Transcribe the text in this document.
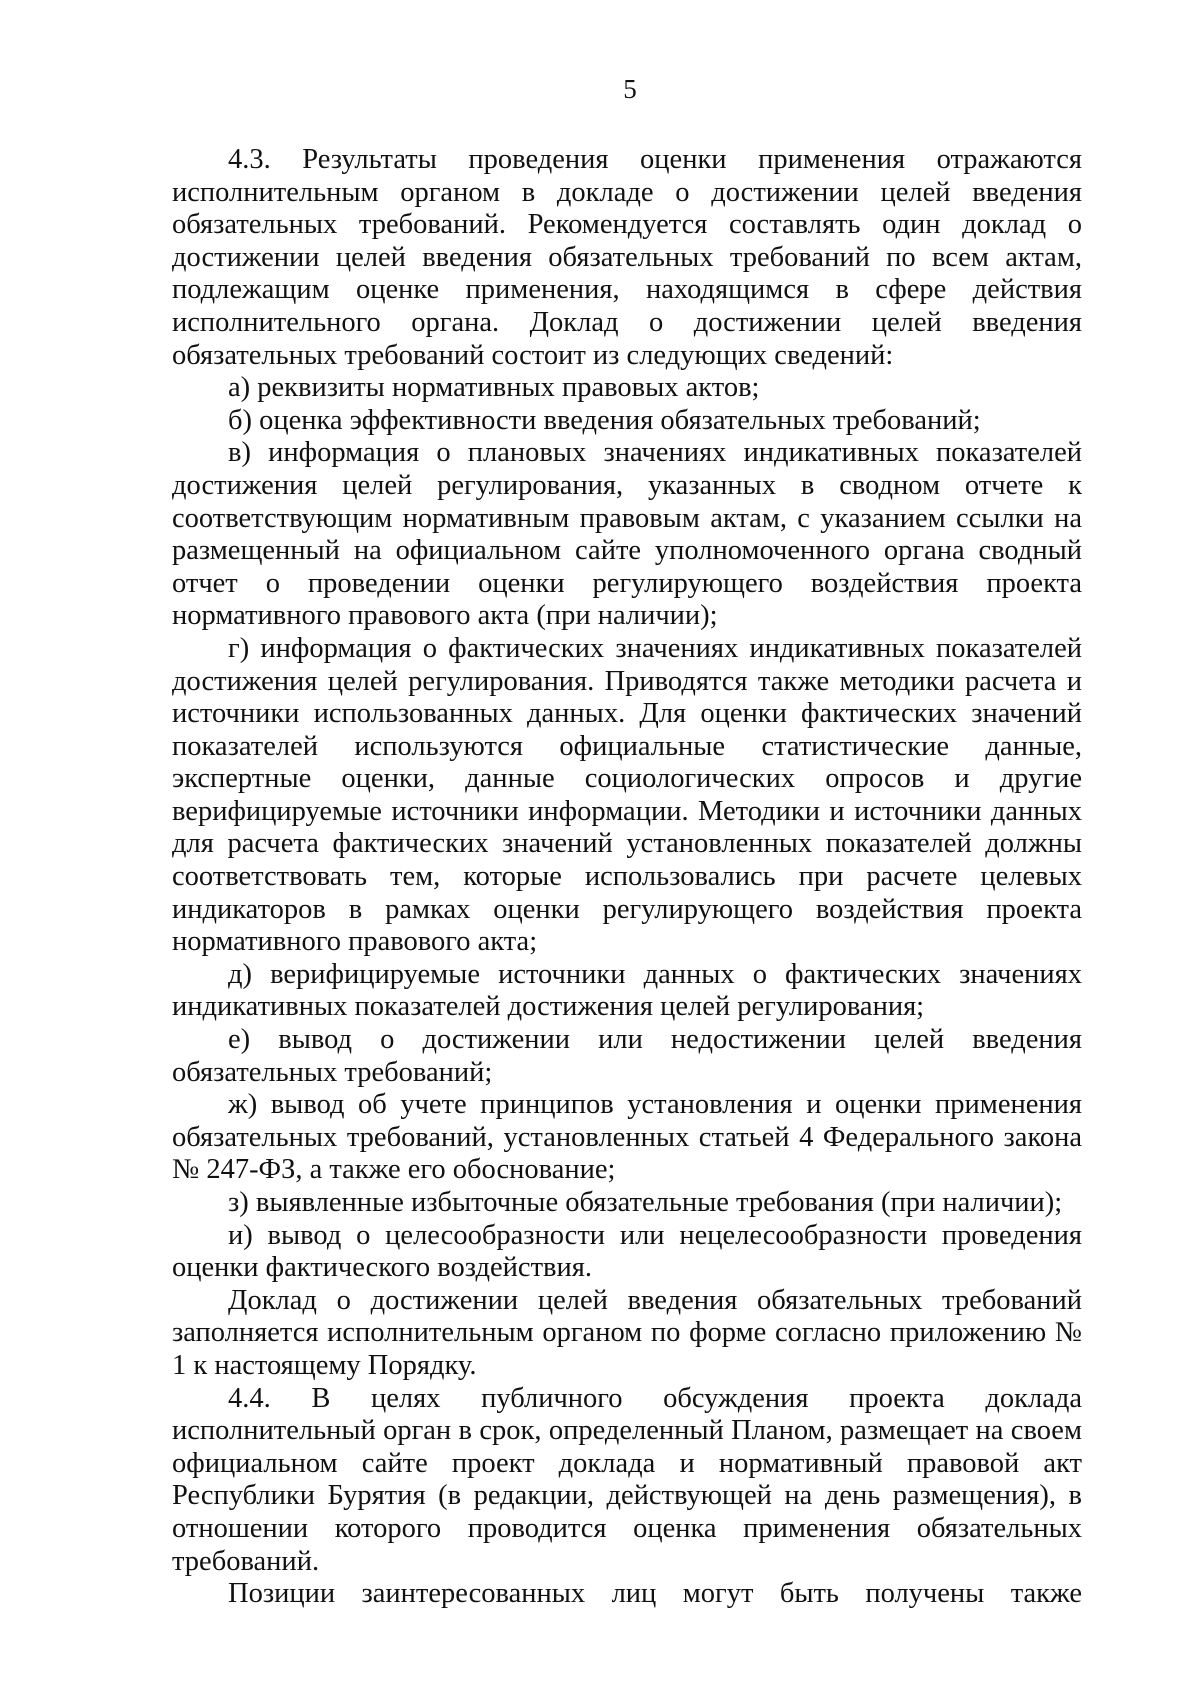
5

4.3. Результаты проведения оценки применения отражаются исполнительным органом в докладе о достижении целей введения обязательных требований. Рекомендуется составлять один доклад о достижении целей введения обязательных требований по всем актам, подлежащим оценке применения, находящимся в сфере действия исполнительного органа. Доклад о достижении целей введения обязательных требований состоит из следующих сведений:

а) реквизиты нормативных правовых актов;

б) оценка эффективности введения обязательных требований;

в) информация о плановых значениях индикативных показателей достижения целей регулирования, указанных в сводном отчете к соответствующим нормативным правовым актам, с указанием ссылки на размещенный на официальном сайте уполномоченного органа сводный отчет о проведении оценки регулирующего воздействия проекта нормативного правового акта (при наличии);

г) информация о фактических значениях индикативных показателей достижения целей регулирования. Приводятся также методики расчета и источники использованных данных. Для оценки фактических значений показателей используются официальные статистические данные, экспертные оценки, данные социологических опросов и другие верифицируемые источники информации. Методики и источники данных для расчета фактических значений установленных показателей должны соответствовать тем, которые использовались при расчете целевых индикаторов в рамках оценки регулирующего воздействия проекта нормативного правового акта;

д) верифицируемые источники данных о фактических значениях индикативных показателей достижения целей регулирования;

е) вывод о достижении или недостижении целей введения обязательных требований;

ж) вывод об учете принципов установления и оценки применения обязательных требований, установленных статьей 4 Федерального закона № 247-ФЗ, а также его обоснование;

з) выявленные избыточные обязательные требования (при наличии);

и) вывод о целесообразности или нецелесообразности проведения оценки фактического воздействия.

Доклад о достижении целей введения обязательных требований заполняется исполнительным органом по форме согласно приложению № 1 к настоящему Порядку.

4.4. В целях публичного обсуждения проекта доклада исполнительный орган в срок, определенный Планом, размещает на своем официальном сайте проект доклада и нормативный правовой акт Республики Бурятия (в редакции, действующей на день размещения), в отношении которого проводится оценка применения обязательных требований.

Позиции заинтересованных лиц могут быть получены также
